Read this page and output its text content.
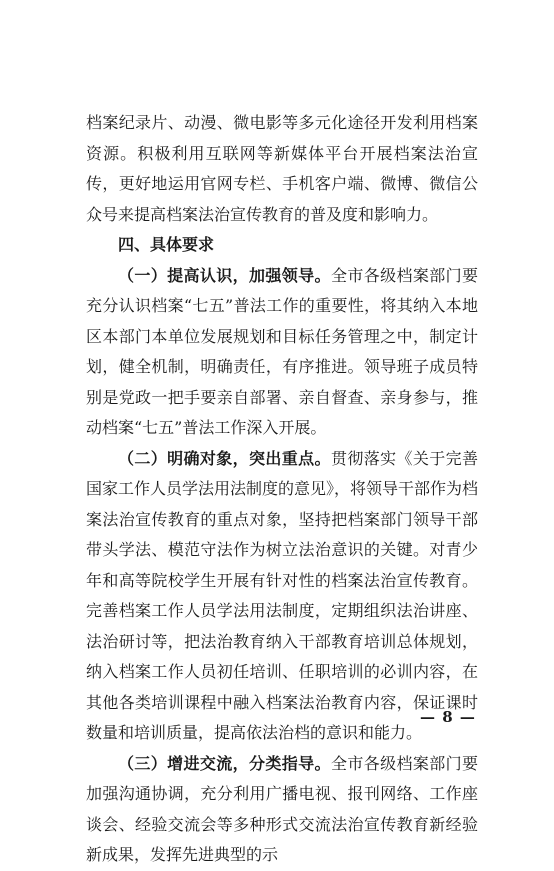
档案纪录片、动漫、微电影等多元化途径开发利用档案资源。积极利用互联网等新媒体平台开展档案法治宣传，更好地运用官网专栏、手机客户端、微博、微信公众号来提高档案法治宣传教育的普及度和影响力。

四、具体要求

（一）提高认识，加强领导。全市各级档案部门要充分认识档案“七五”普法工作的重要性，将其纳入本地区本部门本单位发展规划和目标任务管理之中，制定计划，健全机制，明确责任，有序推进。领导班子成员特别是党政一把手要亲自部署、亲自督查、亲身参与，推动档案“七五”普法工作深入开展。

（二）明确对象，突出重点。贯彻落实《关于完善国家工作人员学法用法制度的意见》，将领导干部作为档案法治宣传教育的重点对象，坚持把档案部门领导干部带头学法、模范守法作为树立法治意识的关键。对青少年和高等院校学生开展有针对性的档案法治宣传教育。完善档案工作人员学法用法制度，定期组织法治讲座、法治研讨等，把法治教育纳入干部教育培训总体规划，纳入档案工作人员初任培训、任职培训的必训内容，在其他各类培训课程中融入档案法治教育内容，保证课时数量和培训质量，提高依法治档的意识和能力。

（三）增进交流，分类指导。全市各级档案部门要加强沟通协调，充分利用广播电视、报刊网络、工作座谈会、经验交流会等多种形式交流法治宣传教育新经验新成果，发挥先进典型的示

— 8 —
